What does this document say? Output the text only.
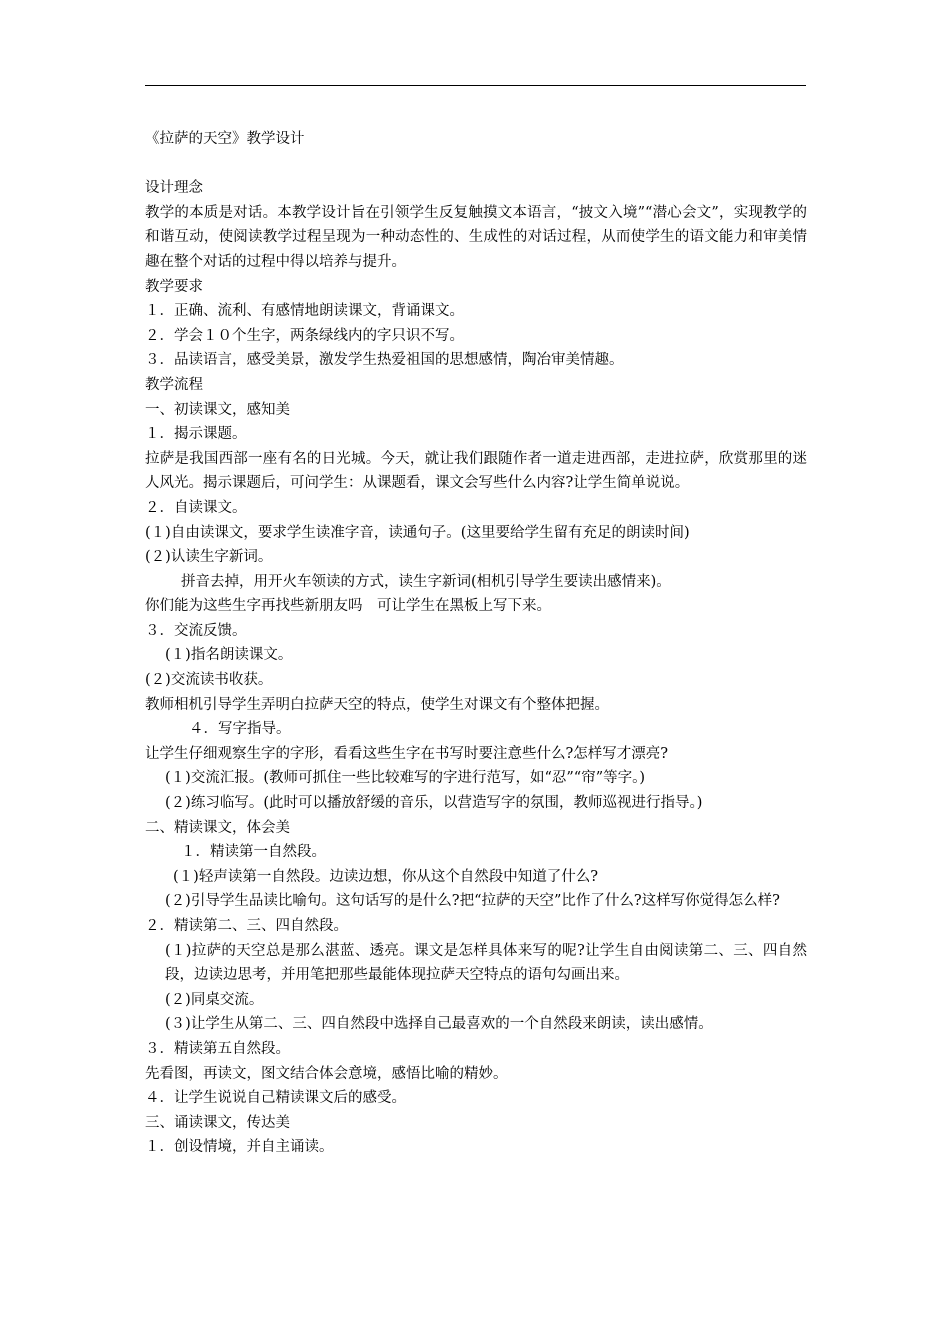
《拉萨的天空》教学设计
设计理念
教学的本质是对话。本教学设计旨在引领学生反复触摸文本语言，“披文入境”“潜心会文”，实现教学的和谐互动，使阅读教学过程呈现为一种动态性的、生成性的对话过程，从而使学生的语文能力和审美情趣在整个对话的过程中得以培养与提升。
教学要求
１．正确、流利、有感情地朗读课文，背诵课文。
２．学会１０个生字，两条绿线内的字只识不写。
３．品读语言，感受美景，激发学生热爱祖国的思想感情，陶冶审美情趣。
教学流程
一、初读课文，感知美
１．揭示课题。
拉萨是我国西部一座有名的日光城。今天，就让我们跟随作者一道走进西部，走进拉萨，欣赏那里的迷人风光。揭示课题后，可问学生：从课题看，课文会写些什么内容?让学生简单说说。
２．自读课文。
(１)自由读课文，要求学生读准字音，读通句子。(这里要给学生留有充足的朗读时间)
(２)认读生字新词。
拼音去掉，用开火车领读的方式，读生字新词(相机引导学生要读出感情来)。
你们能为这些生字再找些新朋友吗　可让学生在黑板上写下来。
３．交流反馈。
(１)指名朗读课文。
(２)交流读书收获。
教师相机引导学生弄明白拉萨天空的特点，使学生对课文有个整体把握。
４．写字指导。
让学生仔细观察生字的字形，看看这些生字在书写时要注意些什么?怎样写才漂亮?
(１)交流汇报。(教师可抓住一些比较难写的字进行范写，如“忍”“帘”等字。)
(２)练习临写。(此时可以播放舒缓的音乐，以营造写字的氛围，教师巡视进行指导。)
二、精读课文，体会美
１．精读第一自然段。
(１)轻声读第一自然段。边读边想，你从这个自然段中知道了什么?
(２)引导学生品读比喻句。这句话写的是什么?把“拉萨的天空”比作了什么?这样写你觉得怎么样?
２．精读第二、三、四自然段。
(１)拉萨的天空总是那么湛蓝、透亮。课文是怎样具体来写的呢?让学生自由阅读第二、三、四自然段，边读边思考，并用笔把那些最能体现拉萨天空特点的语句勾画出来。
(２)同桌交流。
(３)让学生从第二、三、四自然段中选择自己最喜欢的一个自然段来朗读，读出感情。
３．精读第五自然段。
先看图，再读文，图文结合体会意境，感悟比喻的精妙。
４．让学生说说自己精读课文后的感受。
三、诵读课文，传达美
１．创设情境，并自主诵读。
